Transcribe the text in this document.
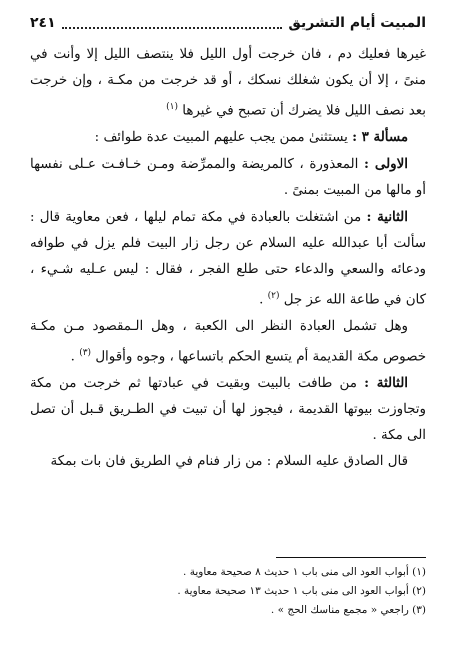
٢٤١	المبيت أيام التشريق

غيرها فعليك دم ، فان خرجت أول الليل فلا ينتصف الليل إلا وأنت في منىً ، إلا أن يكون شغلك نسكك ، أو قد خرجت من مكـة ، وإن خرجت بعد نصف الليل فلا يضرك أن تصبح في غيرها $^{(١)}$

مسألة ٣ : يستثنىٰ ممن يجب عليهم المبيت عدة طوائف :

الاولى : المعذورة ، كالمريضة والممرِّضة ومـن خـافـت عـلى نفسها أو مالها من المبيت بمنىً .

الثانية : من اشتغلت بالعبادة في مكة تمام ليلها ، فعن معاوية قال : سألت أبا عبدالله عليه السلام عن رجل زار البيت فلم يزل في طوافه ودعائه والسعي والدعاء حتى طلع الفجر ، فقال : ليس عـليه شـيء ، كان في طاعة الله عز جل $^{(٢)}$ .

وهل تشمل العبادة النظر الى الكعبة ، وهل الـمقصود مـن مكـة خصوص مكة القديمة أم يتسع الحكم باتساعها ، وجوه وأقوال $^{(٣)}$ .

الثالثة : من طافت بالبيت وبقيت في عبادتها ثم خرجت من مكة وتجاوزت بيوتها القديمة ، فيجوز لها أن تبيت في الطـريق قـبل أن تصل الى مكة .

قال الصادق عليه السلام : من زار فنام في الطريق فان بات بمكة

(١) أبواب العود الى منى باب ١ حديث ٨ صحيحة معاوية .
(٢) أبواب العود الى منى باب ١ حديث ١٣ صحيحة معاوية .
(٣) راجعي « مجمع مناسك الحج » .
